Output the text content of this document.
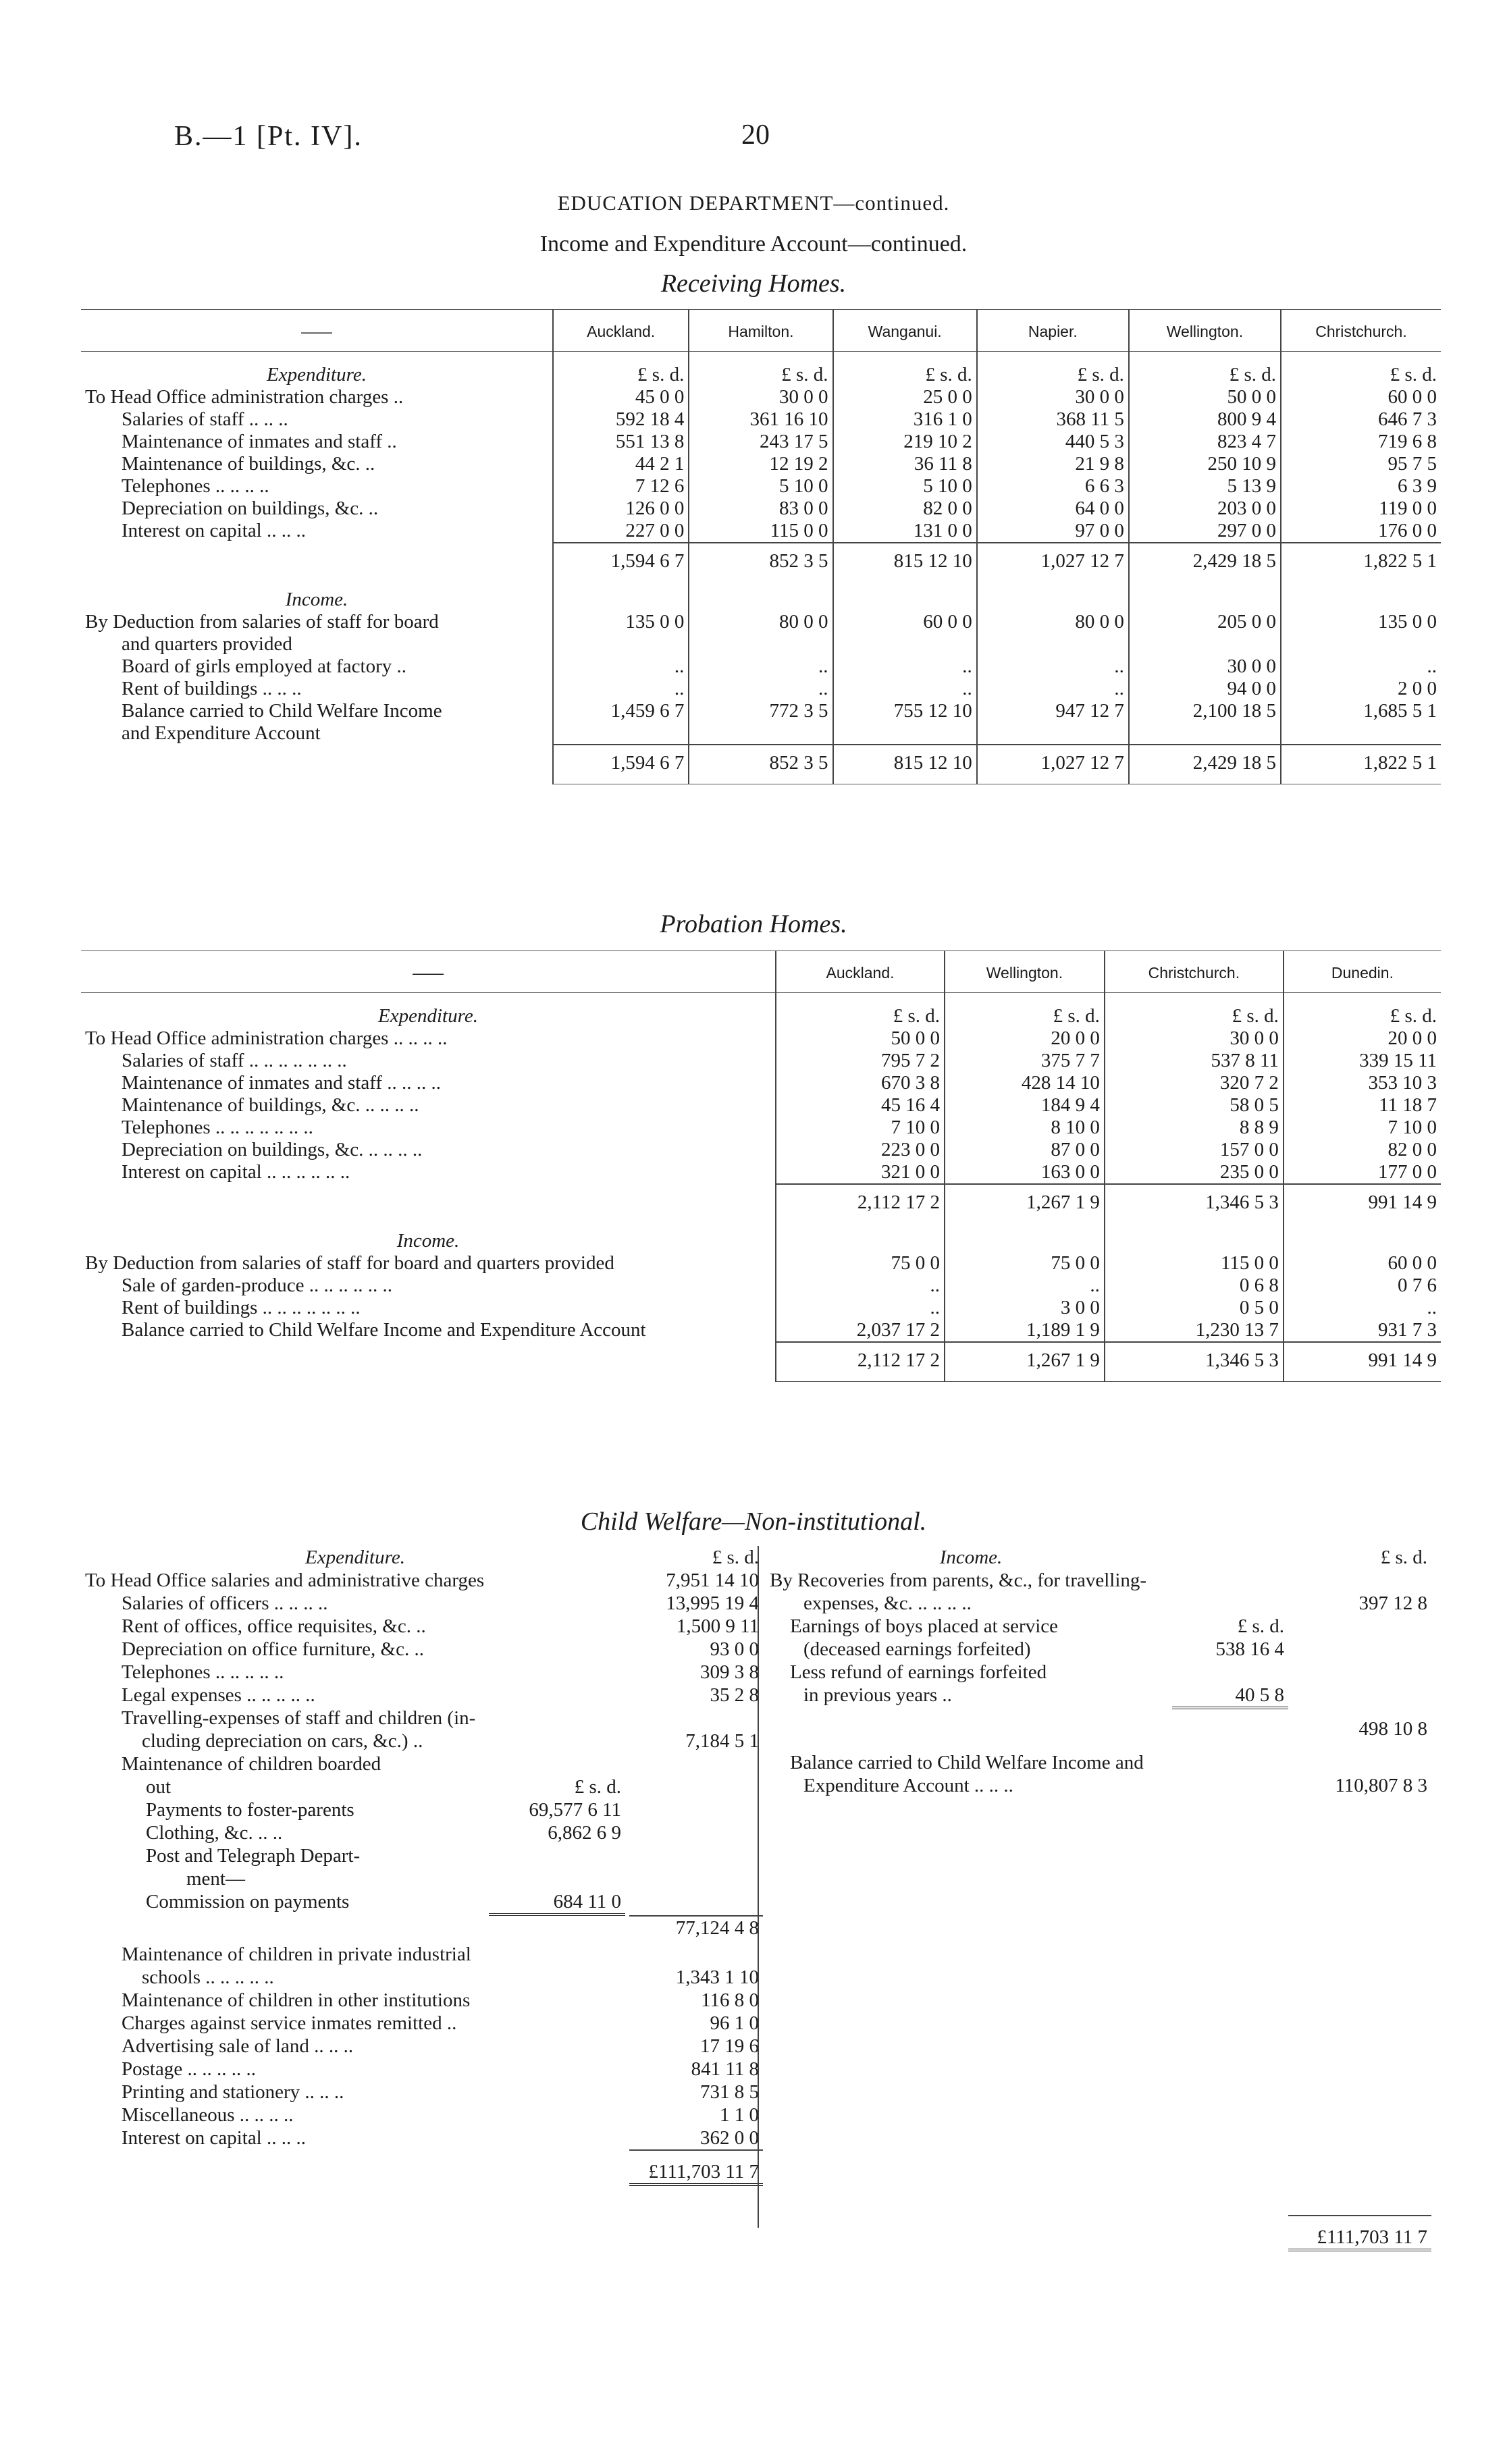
B.—1 [Pt. IV].	20
EDUCATION DEPARTMENT—continued.
Income and Expenditure Account—continued.
Receiving Homes.
——	Auckland.	Hamilton.	Wanganui.	Napier.	Wellington.	Christchurch.
Expenditure.	£ s. d.	£ s. d.	£ s. d.	£ s. d.	£ s. d.	£ s. d.
To Head Office administration charges ..	45 0 0	30 0 0	25 0 0	30 0 0	50 0 0	60 0 0
Salaries of staff .. .. ..	592 18 4	361 16 10	316 1 0	368 11 5	800 9 4	646 7 3
Maintenance of inmates and staff ..	551 13 8	243 17 5	219 10 2	440 5 3	823 4 7	719 6 8
Maintenance of buildings, &c. ..	44 2 1	12 19 2	36 11 8	21 9 8	250 10 9	95 7 5
Telephones .. .. .. ..	7 12 6	5 10 0	5 10 0	6 6 3	5 13 9	6 3 9
Depreciation on buildings, &c. ..	126 0 0	83 0 0	82 0 0	64 0 0	203 0 0	119 0 0
Interest on capital .. .. ..	227 0 0	115 0 0	131 0 0	97 0 0	297 0 0	176 0 0
	1,594 6 7	852 3 5	815 12 10	1,027 12 7	2,429 18 5	1,822 5 1
Income.						
By Deduction from salaries of staff for board	135 0 0	80 0 0	60 0 0	80 0 0	205 0 0	135 0 0
and quarters provided						
Board of girls employed at factory ..	..	..	..	..	30 0 0	..
Rent of buildings .. .. ..	..	..	..	..	94 0 0	2 0 0
Balance carried to Child Welfare Income	1,459 6 7	772 3 5	755 12 10	947 12 7	2,100 18 5	1,685 5 1
and Expenditure Account						
	1,594 6 7	852 3 5	815 12 10	1,027 12 7	2,429 18 5	1,822 5 1
Probation Homes.
——	Auckland.	Wellington.	Christchurch.	Dunedin.
Expenditure.	£ s. d.	£ s. d.	£ s. d.	£ s. d.
To Head Office administration charges .. .. .. ..	50 0 0	20 0 0	30 0 0	20 0 0
Salaries of staff .. .. .. .. .. .. ..	795 7 2	375 7 7	537 8 11	339 15 11
Maintenance of inmates and staff .. .. .. ..	670 3 8	428 14 10	320 7 2	353 10 3
Maintenance of buildings, &c. .. .. .. ..	45 16 4	184 9 4	58 0 5	11 18 7
Telephones .. .. .. .. .. .. ..	7 10 0	8 10 0	8 8 9	7 10 0
Depreciation on buildings, &c. .. .. .. ..	223 0 0	87 0 0	157 0 0	82 0 0
Interest on capital .. .. .. .. .. ..	321 0 0	163 0 0	235 0 0	177 0 0
	2,112 17 2	1,267 1 9	1,346 5 3	991 14 9
Income.				
By Deduction from salaries of staff for board and quarters provided	75 0 0	75 0 0	115 0 0	60 0 0
Sale of garden-produce .. .. .. .. .. ..	..	..	0 6 8	0 7 6
Rent of buildings .. .. .. .. .. .. ..	..	3 0 0	0 5 0	..
Balance carried to Child Welfare Income and Expenditure Account	2,037 17 2	1,189 1 9	1,230 13 7	931 7 3
	2,112 17 2	1,267 1 9	1,346 5 3	991 14 9
Child Welfare—Non-institutional.
Expenditure.	£ s. d.
To Head Office salaries and administrative charges	7,951 14 10
Salaries of officers .. .. .. ..	13,995 19 4
Rent of offices, office requisites, &c. ..	1,500 9 11
Depreciation on office furniture, &c. ..	93 0 0
Telephones .. .. .. .. ..	309 3 8
Legal expenses .. .. .. .. ..	35 2 8
Travelling-expenses of staff and children (in-	
cluding depreciation on cars, &c.) ..	7,184 5 1
Maintenance of children boarded	

out	£ s. d.
Payments to foster-parents	69,577 6 11
Clothing, &c. .. ..	6,862 6 9
Post and Telegraph Depart-	
ment—	
Commission on payments	684 11 0

	77,124 4 8
Maintenance of children in private industrial	
schools .. .. .. .. ..	1,343 1 10
Maintenance of children in other institutions	116 8 0
Charges against service inmates remitted ..	96 1 0
Advertising sale of land .. .. ..	17 19 6
Postage .. .. .. .. ..	841 11 8
Printing and stationery .. .. ..	731 8 5
Miscellaneous .. .. .. ..	1 1 0
Interest on capital .. .. ..	362 0 0
	£111,703 11 7
Income.		£ s. d.
By Recoveries from parents, &c., for travelling-		
expenses, &c. .. .. .. ..		397 12 8
Earnings of boys placed at service	£ s. d.	
(deceased earnings forfeited)	538 16 4	
Less refund of earnings forfeited		
in previous years ..	40 5 8	
		498 10 8

Balance carried to Child Welfare Income and		
Expenditure Account .. .. ..		110,807 8 3

		£111,703 11 7
